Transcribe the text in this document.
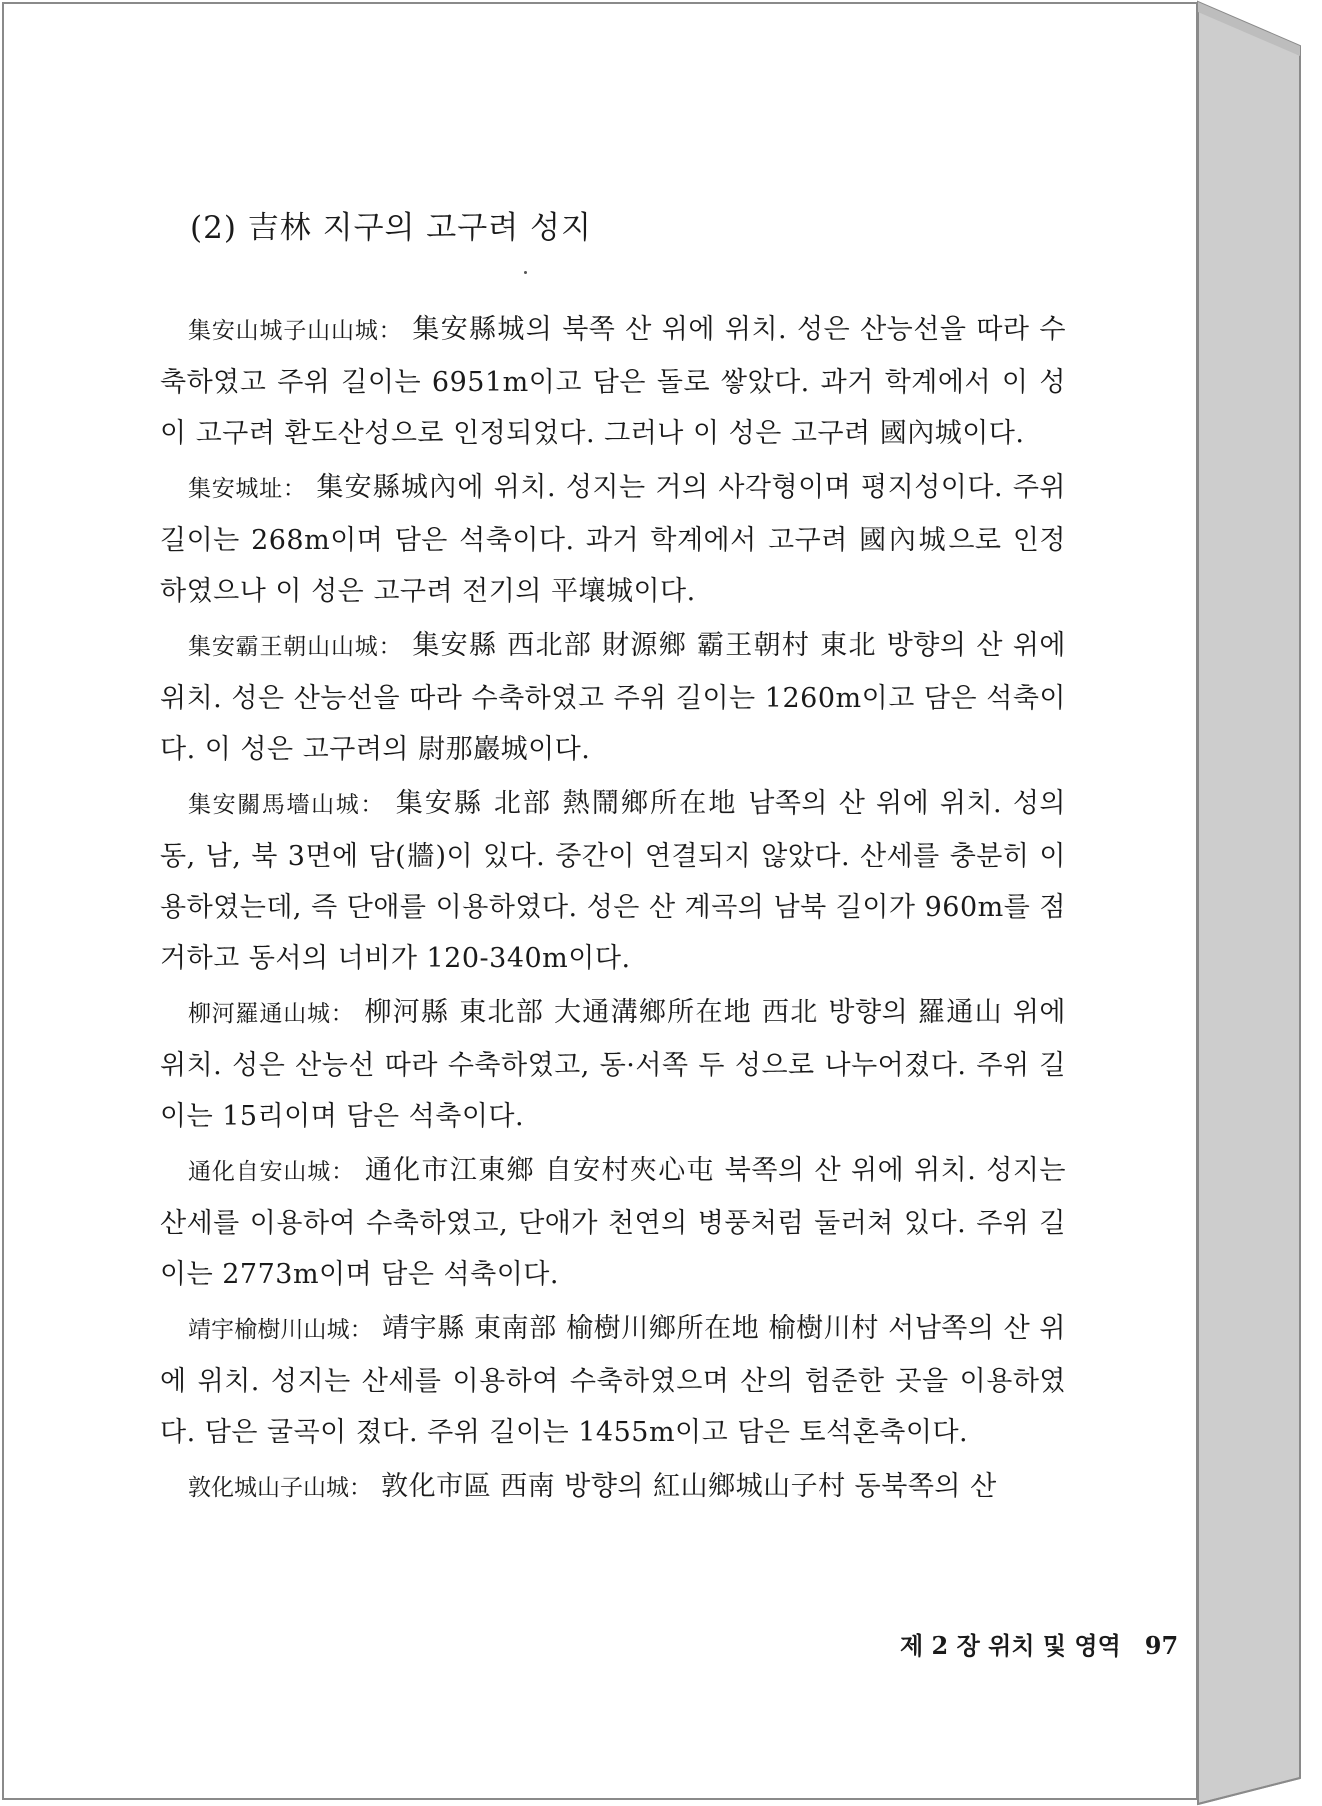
(2) 吉林 지구의 고구려 성지

集安山城子山山城： 集安縣城의 북쪽 산 위에 위치. 성은 산능선을 따라 수축하였고 주위 길이는 6951m이고 담은 돌로 쌓았다. 과거 학계에서 이 성이 고구려 환도산성으로 인정되었다. 그러나 이 성은 고구려 國內城이다.

集安城址： 集安縣城內에 위치. 성지는 거의 사각형이며 평지성이다. 주위 길이는 268m이며 담은 석축이다. 과거 학계에서 고구려 國內城으로 인정하였으나 이 성은 고구려 전기의 平壤城이다.

集安霸王朝山山城： 集安縣 西北部 財源鄉 霸王朝村 東北 방향의 산 위에 위치. 성은 산능선을 따라 수축하였고 주위 길이는 1260m이고 담은 석축이다. 이 성은 고구려의 尉那巖城이다.

集安關馬墻山城： 集安縣 北部 熱鬧鄉所在地 남쪽의 산 위에 위치. 성의 동, 남, 북 3면에 담(牆)이 있다. 중간이 연결되지 않았다. 산세를 충분히 이용하였는데, 즉 단애를 이용하였다. 성은 산 계곡의 남북 길이가 960m를 점거하고 동서의 너비가 120-340m이다.

柳河羅通山城： 柳河縣 東北部 大通溝鄉所在地 西北 방향의 羅通山 위에 위치. 성은 산능선 따라 수축하였고, 동·서쪽 두 성으로 나누어졌다. 주위 길이는 15리이며 담은 석축이다.

通化自安山城： 通化市江東鄉 自安村夾心屯 북쪽의 산 위에 위치. 성지는 산세를 이용하여 수축하였고, 단애가 천연의 병풍처럼 둘러쳐 있다. 주위 길이는 2773m이며 담은 석축이다.

靖宇榆樹川山城： 靖宇縣 東南部 榆樹川鄉所在地 榆樹川村 서남쪽의 산 위에 위치. 성지는 산세를 이용하여 수축하였으며 산의 험준한 곳을 이용하였다. 담은 굴곡이 졌다. 주위 길이는 1455m이고 담은 토석혼축이다.

敦化城山子山城： 敦化市區 西南 방향의 紅山鄉城山子村 동북쪽의 산

제 2 장 위치 및 영역 97
